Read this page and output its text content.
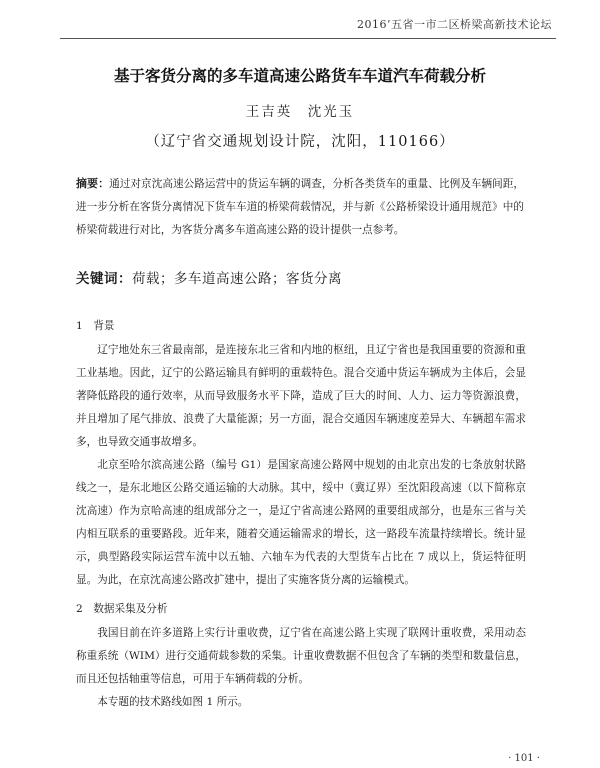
2016’五省一市二区桥梁高新技术论坛
基于客货分离的多车道高速公路货车车道汽车荷载分析
王吉英　沈光玉
（辽宁省交通规划设计院，沈阳，110166）
摘要：通过对京沈高速公路运营中的货运车辆的调查，分析各类货车的重量、比例及车辆间距，进一步分析在客货分离情况下货车车道的桥梁荷载情况，并与新《公路桥梁设计通用规范》中的桥梁荷载进行对比，为客货分离多车道高速公路的设计提供一点参考。
关键词：荷载；多车道高速公路；客货分离
1　背景
辽宁地处东三省最南部，是连接东北三省和内地的枢纽，且辽宁省也是我国重要的资源和重工业基地。因此，辽宁的公路运输具有鲜明的重载特色。混合交通中货运车辆成为主体后，会显著降低路段的通行效率，从而导致服务水平下降，造成了巨大的时间、人力、运力等资源浪费，并且增加了尾气排放、浪费了大量能源；另一方面，混合交通因车辆速度差异大、车辆超车需求多，也导致交通事故增多。
北京至哈尔滨高速公路（编号 G1）是国家高速公路网中规划的由北京出发的七条放射状路线之一，是东北地区公路交通运输的大动脉。其中，绥中（冀辽界）至沈阳段高速（以下简称京沈高速）作为京哈高速的组成部分之一，是辽宁省高速公路网的重要组成部分，也是东三省与关内相互联系的重要路段。近年来，随着交通运输需求的增长，这一路段车流量持续增长。统计显示，典型路段实际运营车流中以五轴、六轴车为代表的大型货车占比在 7 成以上，货运特征明显。为此，在京沈高速公路改扩建中，提出了实施客货分离的运输模式。
2　数据采集及分析
我国目前在许多道路上实行计重收费，辽宁省在高速公路上实现了联网计重收费，采用动态称重系统（WIM）进行交通荷载参数的采集。计重收费数据不但包含了车辆的类型和数量信息，而且还包括轴重等信息，可用于车辆荷载的分析。
本专题的技术路线如图 1 所示。
· 101 ·
